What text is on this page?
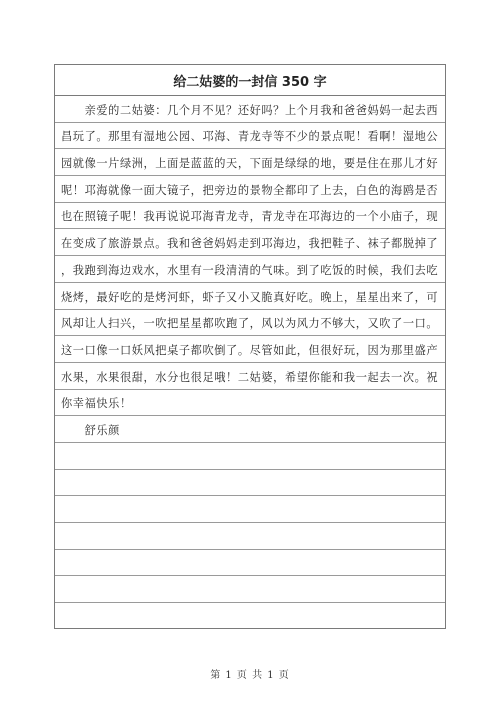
给二姑婆的一封信 350 字
　　亲爱的二姑婆：几个月不见？还好吗？上个月我和爸爸妈妈一起去西
昌玩了。那里有湿地公园、邛海、青龙寺等不少的景点呢！看啊！湿地公
园就像一片绿洲，上面是蓝蓝的天，下面是绿绿的地，要是住在那儿才好
呢！邛海就像一面大镜子，把旁边的景物全都印了上去，白色的海鸥是否
也在照镜子呢！我再说说邛海青龙寺，青龙寺在邛海边的一个小庙子，现
在变成了旅游景点。我和爸爸妈妈走到邛海边，我把鞋子、袜子都脱掉了
，我跑到海边戏水，水里有一段清清的气味。到了吃饭的时候，我们去吃
烧烤，最好吃的是烤河虾，虾子又小又脆真好吃。晚上，星星出来了，可
风却让人扫兴，一吹把星星都吹跑了，风以为风力不够大，又吹了一口。
这一口像一口妖风把桌子都吹倒了。尽管如此，但很好玩，因为那里盛产
水果，水果很甜，水分也很足哦！二姑婆，希望你能和我一起去一次。祝
你幸福快乐！
　　舒乐颜
第 1 页 共 1 页
